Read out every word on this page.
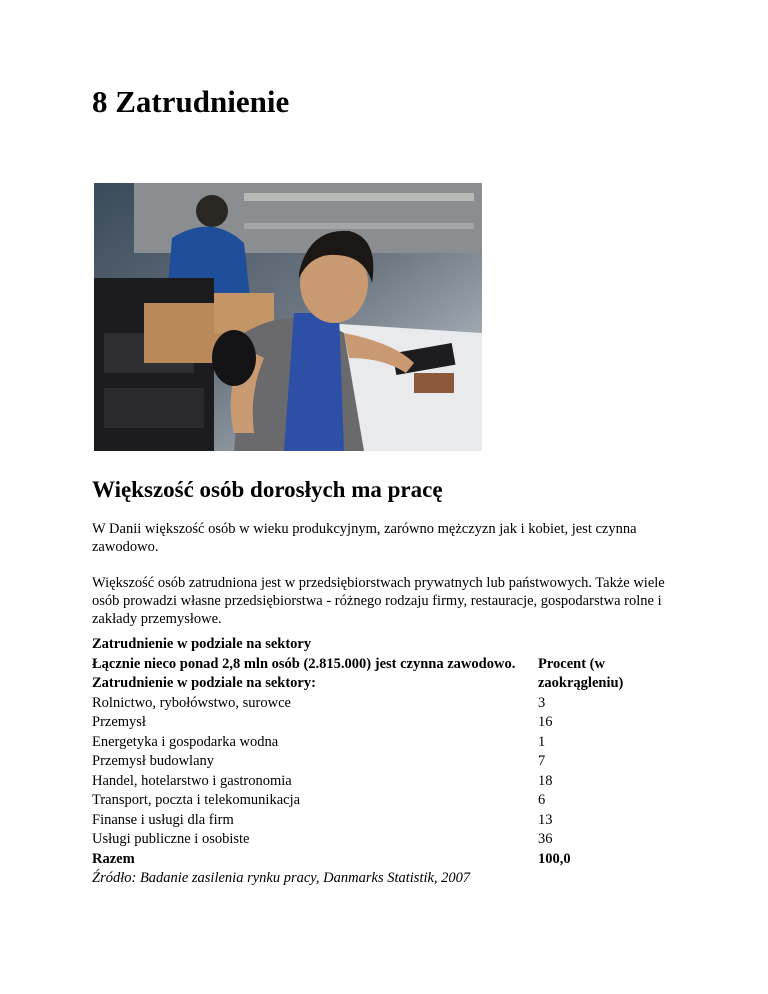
8 Zatrudnienie
Większość osób dorosłych ma pracę

W Danii większość osób w wieku produkcyjnym, zarówno mężczyzn jak i kobiet, jest czynna zawodowo.

Większość osób zatrudniona jest w przedsiębiorstwach prywatnych lub państwowych. Także wiele osób prowadzi własne przedsiębiorstwa - różnego rodzaju firmy, restauracje, gospodarstwa rolne i zakłady przemysłowe.

Zatrudnienie w podziale na sektory	
Łącznie nieco ponad 2,8 mln osób (2.815.000) jest czynna zawodowo. Zatrudnienie w podziale na sektory:	Procent (w zaokrągleniu)
Rolnictwo, rybołówstwo, surowce	3
Przemysł	16
Energetyka i gospodarka wodna	1
Przemysł budowlany	7
Handel, hotelarstwo i gastronomia	18
Transport, poczta i telekomunikacja	6
Finanse i usługi dla firm	13
Usługi publiczne i osobiste	36
Razem	100,0
Źródło: Badanie zasilenia rynku pracy, Danmarks Statistik, 2007	
